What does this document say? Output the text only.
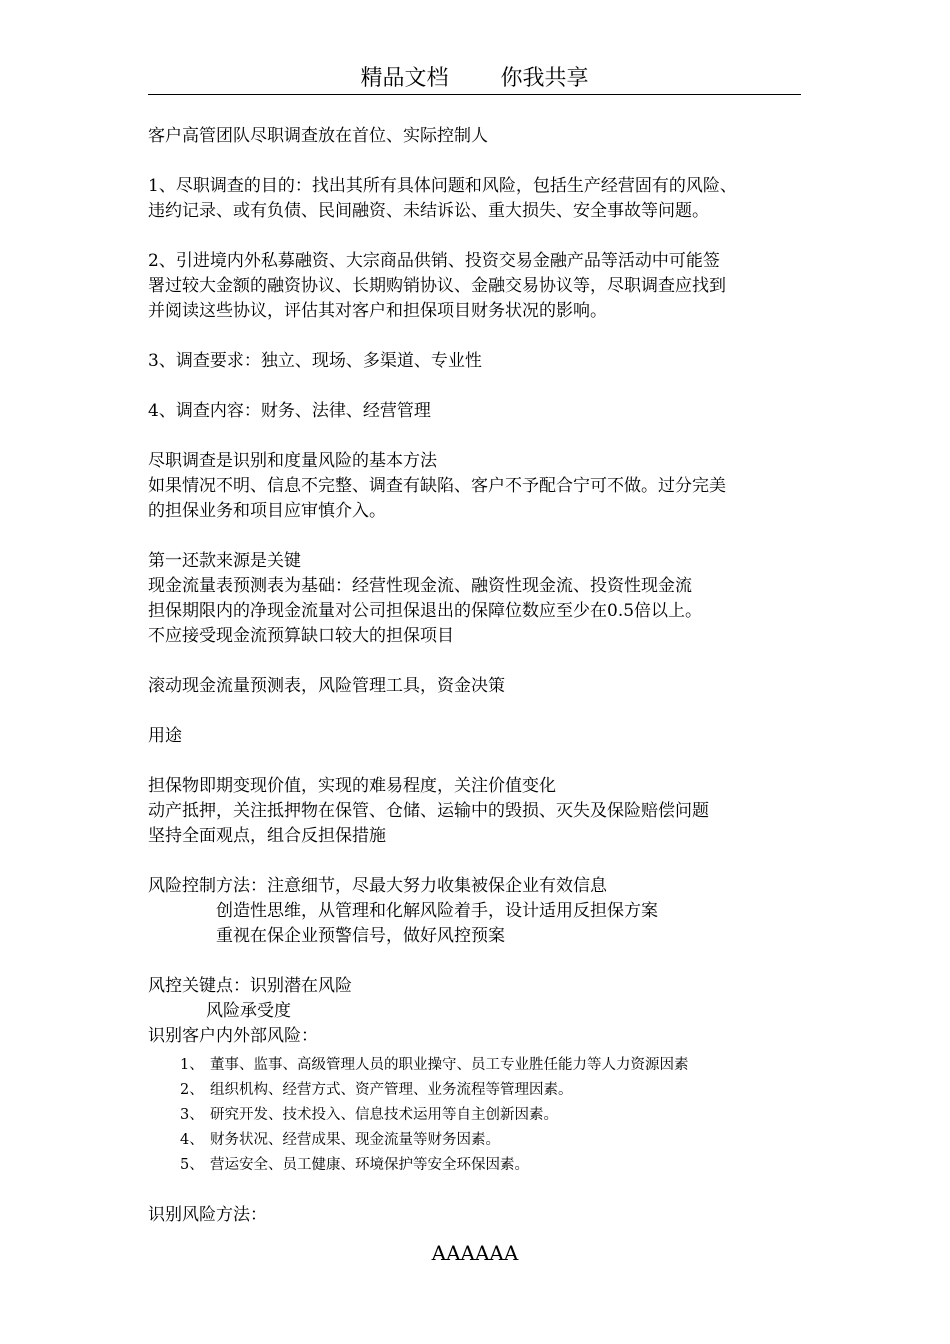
精品文档 你我共享

客户高管团队尽职调查放在首位、实际控制人

1、尽职调查的目的：找出其所有具体问题和风险，包括生产经营固有的风险、

违约记录、或有负债、民间融资、未结诉讼、重大损失、安全事故等问题。

2、引进境内外私募融资、大宗商品供销、投资交易金融产品等活动中可能签

署过较大金额的融资协议、长期购销协议、金融交易协议等，尽职调查应找到

并阅读这些协议，评估其对客户和担保项目财务状况的影响。

3、调查要求：独立、现场、多渠道、专业性

4、调查内容：财务、法律、经营管理

尽职调查是识别和度量风险的基本方法

如果情况不明、信息不完整、调查有缺陷、客户不予配合宁可不做。过分完美

的担保业务和项目应审慎介入。

第一还款来源是关键

现金流量表预测表为基础：经营性现金流、融资性现金流、投资性现金流

担保期限内的净现金流量对公司担保退出的保障位数应至少在0.5倍以上。

不应接受现金流预算缺口较大的担保项目

滚动现金流量预测表，风险管理工具，资金决策

用途

担保物即期变现价值，实现的难易程度，关注价值变化

动产抵押，关注抵押物在保管、仓储、运输中的毁损、灭失及保险赔偿问题

坚持全面观点，组合反担保措施

风险控制方法：注意细节，尽最大努力收集被保企业有效信息

创造性思维，从管理和化解风险着手，设计适用反担保方案

重视在保企业预警信号，做好风控预案

风控关键点：识别潜在风险

风险承受度

识别客户内外部风险：

1、 董事、监事、高级管理人员的职业操守、员工专业胜任能力等人力资源因素
2、 组织机构、经营方式、资产管理、业务流程等管理因素。
3、 研究开发、技术投入、信息技术运用等自主创新因素。
4、 财务状况、经营成果、现金流量等财务因素。
5、 营运安全、员工健康、环境保护等安全环保因素。

识别风险方法：

AAAAAA
